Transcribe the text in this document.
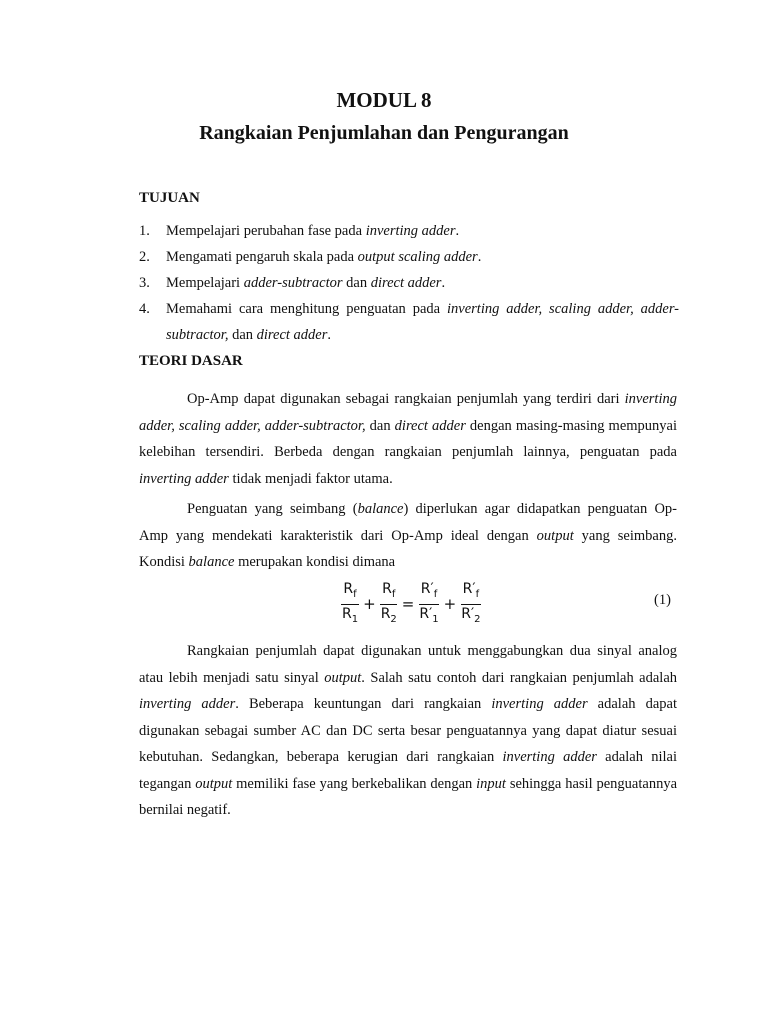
MODUL 8
Rangkaian Penjumlahan dan Pengurangan
TUJUAN
1.	Mempelajari perubahan fase pada inverting adder.
2.	Mengamati pengaruh skala pada output scaling adder.
3.	Mempelajari adder-subtractor dan direct adder.
4.	Memahami cara menghitung penguatan pada inverting adder, scaling adder, adder-subtractor, dan direct adder.
TEORI DASAR

Op-Amp dapat digunakan sebagai rangkaian penjumlah yang terdiri dari inverting adder, scaling adder, adder-subtractor, dan direct adder dengan masing-masing mempunyai kelebihan tersendiri. Berbeda dengan rangkaian penjumlah lainnya, penguatan pada inverting adder tidak menjadi faktor utama.

Penguatan yang seimbang (balance) diperlukan agar didapatkan penguatan Op-Amp yang mendekati karakteristik dari Op-Amp ideal dengan output yang seimbang. Kondisi balance merupakan kondisi dimana

$\frac{R_f}{R_1} + \frac{R_f}{R_2} = \frac{R'_f}{R'_1} + \frac{R'_f}{R'_2}$	(1)

Rangkaian penjumlah dapat digunakan untuk menggabungkan dua sinyal analog atau lebih menjadi satu sinyal output. Salah satu contoh dari rangkaian penjumlah adalah inverting adder. Beberapa keuntungan dari rangkaian inverting adder adalah dapat digunakan sebagai sumber AC dan DC serta besar penguatannya yang dapat diatur sesuai kebutuhan. Sedangkan, beberapa kerugian dari rangkaian inverting adder adalah nilai tegangan output memiliki fase yang berkebalikan dengan input sehingga hasil penguatannya bernilai negatif.
